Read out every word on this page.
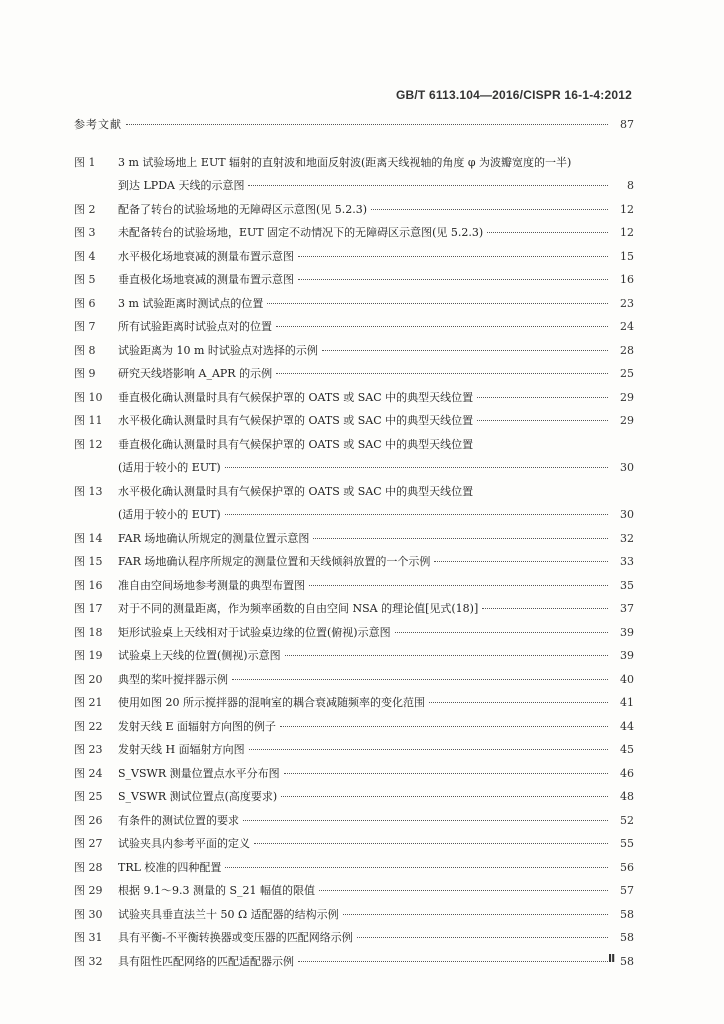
GB/T 6113.104—2016/CISPR 16-1-4:2012
参考文献	87
图 1	3 m 试验场地上 EUT 辐射的直射波和地面反射波(距离天线视轴的角度 φ 为波瓣宽度的一半)
到达 LPDA 天线的示意图	8
图 2	配备了转台的试验场地的无障碍区示意图(见 5.2.3)	12
图 3	未配备转台的试验场地，EUT 固定不动情况下的无障碍区示意图(见 5.2.3)	12
图 4	水平极化场地衰减的测量布置示意图	15
图 5	垂直极化场地衰减的测量布置示意图	16
图 6	3 m 试验距离时测试点的位置	23
图 7	所有试验距离时试验点对的位置	24
图 8	试验距离为 10 m 时试验点对选择的示例	28
图 9	研究天线塔影响 A_APR 的示例	25
图 10	垂直极化确认测量时具有气候保护罩的 OATS 或 SAC 中的典型天线位置	29
图 11	水平极化确认测量时具有气候保护罩的 OATS 或 SAC 中的典型天线位置	29
图 12	垂直极化确认测量时具有气候保护罩的 OATS 或 SAC 中的典型天线位置
(适用于较小的 EUT)	30
图 13	水平极化确认测量时具有气候保护罩的 OATS 或 SAC 中的典型天线位置
(适用于较小的 EUT)	30
图 14	FAR 场地确认所规定的测量位置示意图	32
图 15	FAR 场地确认程序所规定的测量位置和天线倾斜放置的一个示例	33
图 16	准自由空间场地参考测量的典型布置图	35
图 17	对于不同的测量距离，作为频率函数的自由空间 NSA 的理论值[见式(18)]	37
图 18	矩形试验桌上天线相对于试验桌边缘的位置(俯视)示意图	39
图 19	试验桌上天线的位置(侧视)示意图	39
图 20	典型的桨叶搅拌器示例	40
图 21	使用如图 20 所示搅拌器的混响室的耦合衰减随频率的变化范围	41
图 22	发射天线 E 面辐射方向图的例子	44
图 23	发射天线 H 面辐射方向图	45
图 24	S_VSWR 测量位置点水平分布图	46
图 25	S_VSWR 测试位置点(高度要求)	48
图 26	有条件的测试位置的要求	52
图 27	试验夹具内参考平面的定义	55
图 28	TRL 校准的四种配置	56
图 29	根据 9.1～9.3 测量的 S_21 幅值的限值	57
图 30	试验夹具垂直法兰十 50 Ω 适配器的结构示例	58
图 31	具有平衡-不平衡转换器或变压器的匹配网络示例	58
图 32	具有阻性匹配网络的匹配适配器示例	58
Ⅱ
